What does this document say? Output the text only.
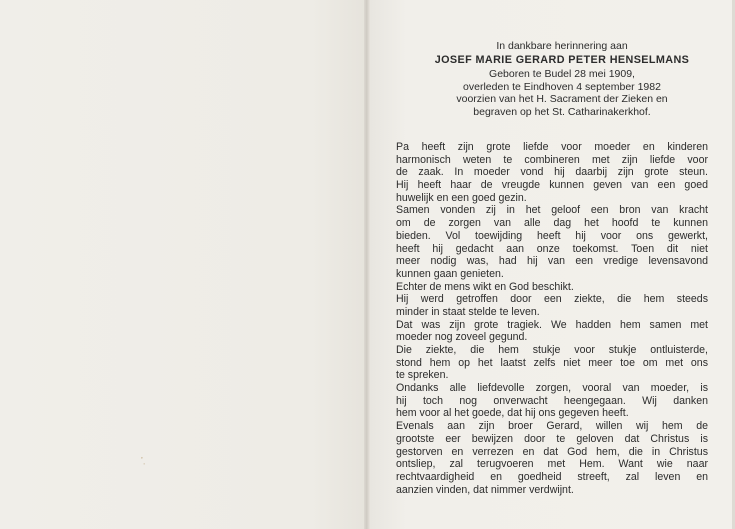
’ˌ
In dankbare herinnering aan
JOSEF MARIE GERARD PETER HENSELMANS
Geboren te Budel 28 mei 1909,
overleden te Eindhoven 4 september 1982
voorzien van het H. Sacrament der Zieken en
begraven op het St. Catharinakerkhof.
Pa heeft zijn grote liefde voor moeder en kinderen
harmonisch weten te combineren met zijn liefde voor
de zaak. In moeder vond hij daarbij zijn grote steun.
Hij heeft haar de vreugde kunnen geven van een goed
huwelijk en een goed gezin.
Samen vonden zij in het geloof een bron van kracht
om de zorgen van alle dag het hoofd te kunnen
bieden. Vol toewijding heeft hij voor ons gewerkt,
heeft hij gedacht aan onze toekomst. Toen dit niet
meer nodig was, had hij van een vredige levensavond
kunnen gaan genieten.
Echter de mens wikt en God beschikt.
Hij werd getroffen door een ziekte, die hem steeds
minder in staat stelde te leven.
Dat was zijn grote tragiek. We hadden hem samen met
moeder nog zoveel gegund.
Die ziekte, die hem stukje voor stukje ontluisterde,
stond hem op het laatst zelfs niet meer toe om met ons
te spreken.
Ondanks alle liefdevolle zorgen, vooral van moeder, is
hij toch nog onverwacht heengegaan. Wij danken
hem voor al het goede, dat hij ons gegeven heeft.
Evenals aan zijn broer Gerard, willen wij hem de
grootste eer bewijzen door te geloven dat Christus is
gestorven en verrezen en dat God hem, die in Christus
ontsliep, zal terugvoeren met Hem. Want wie naar
rechtvaardigheid en goedheid streeft, zal leven en
aanzien vinden, dat nimmer verdwijnt.
